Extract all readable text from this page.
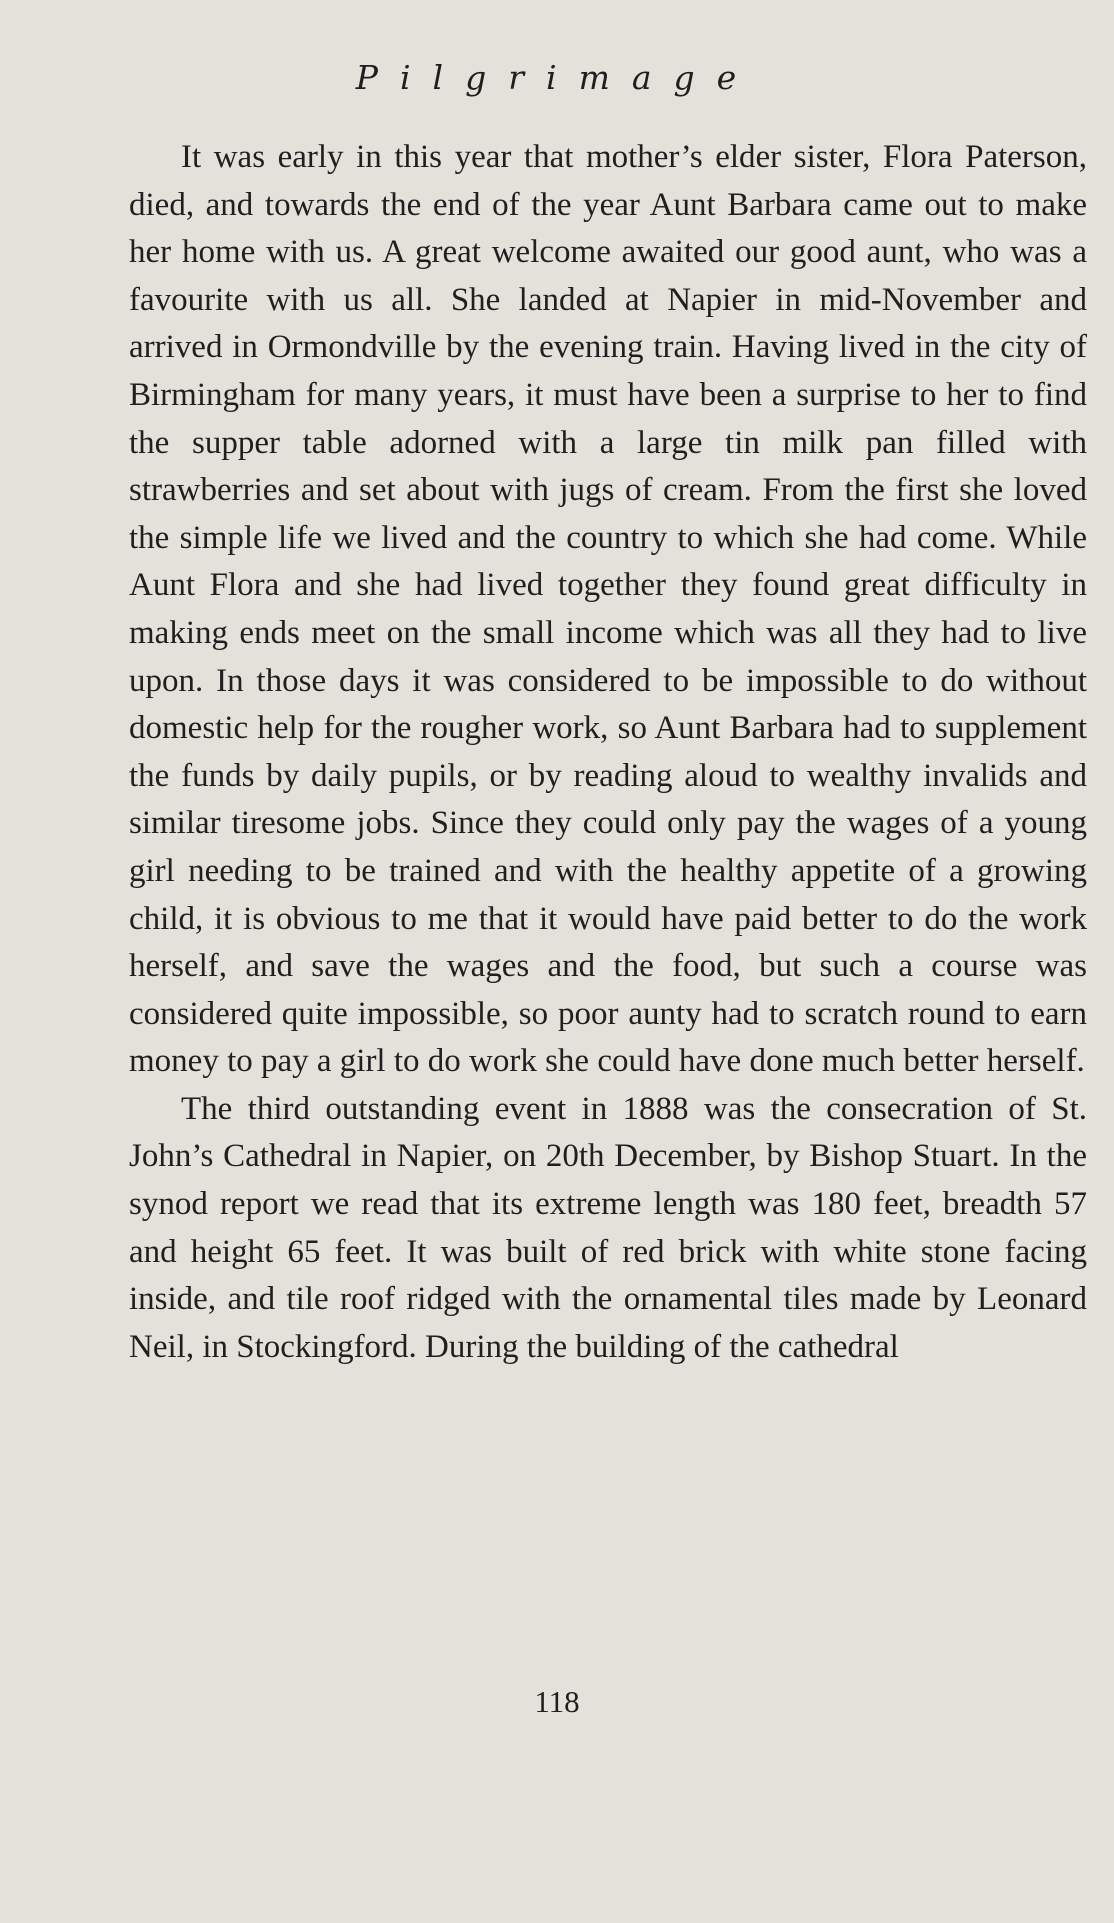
Pilgrimage

It was early in this year that mother’s elder sister, Flora Paterson, died, and towards the end of the year Aunt Barbara came out to make her home with us. A great welcome awaited our good aunt, who was a favourite with us all. She landed at Napier in mid-November and arrived in Ormondville by the evening train. Having lived in the city of Birmingham for many years, it must have been a surprise to her to find the supper table adorned with a large tin milk pan filled with strawberries and set about with jugs of cream. From the first she loved the simple life we lived and the country to which she had come. While Aunt Flora and she had lived together they found great difficulty in making ends meet on the small income which was all they had to live upon. In those days it was considered to be impossible to do without domestic help for the rougher work, so Aunt Barbara had to supplement the funds by daily pupils, or by reading aloud to wealthy invalids and similar tiresome jobs. Since they could only pay the wages of a young girl needing to be trained and with the healthy appetite of a growing child, it is obvious to me that it would have paid better to do the work herself, and save the wages and the food, but such a course was considered quite impossible, so poor aunty had to scratch round to earn money to pay a girl to do work she could have done much better herself.

The third outstanding event in 1888 was the consecration of St. John’s Cathedral in Napier, on 20th December, by Bishop Stuart. In the synod report we read that its extreme length was 180 feet, breadth 57 and height 65 feet. It was built of red brick with white stone facing inside, and tile roof ridged with the ornamental tiles made by Leonard Neil, in Stockingford. During the building of the cathedral

118
